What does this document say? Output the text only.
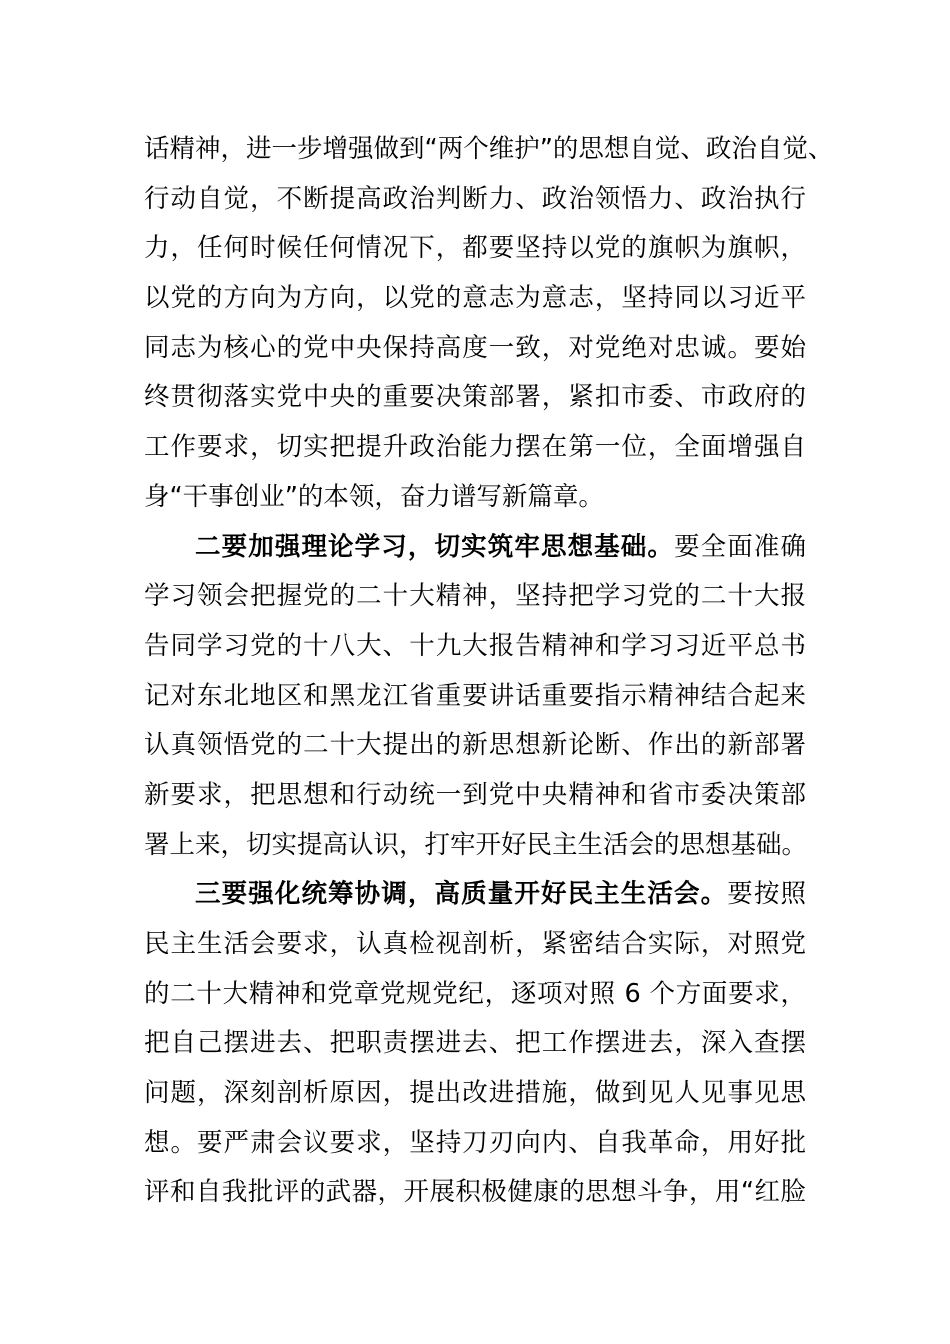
话精神，进一步增强做到“两个维护”的思想自觉、政治自觉、
行动自觉，不断提高政治判断力、政治领悟力、政治执行
力，任何时候任何情况下，都要坚持以党的旗帜为旗帜，
以党的方向为方向，以党的意志为意志，坚持同以习近平
同志为核心的党中央保持高度一致，对党绝对忠诚。要始
终贯彻落实党中央的重要决策部署，紧扣市委、市政府的
工作要求，切实把提升政治能力摆在第一位，全面增强自
身“干事创业”的本领，奋力谱写新篇章。
二要加强理论学习，切实筑牢思想基础。要全面准确
学习领会把握党的二十大精神，坚持把学习党的二十大报
告同学习党的十八大、十九大报告精神和学习习近平总书
记对东北地区和黑龙江省重要讲话重要指示精神结合起来
认真领悟党的二十大提出的新思想新论断、作出的新部署
新要求，把思想和行动统一到党中央精神和省市委决策部
署上来，切实提高认识，打牢开好民主生活会的思想基础。
三要强化统筹协调，高质量开好民主生活会。要按照
民主生活会要求，认真检视剖析，紧密结合实际，对照党
的二十大精神和党章党规党纪，逐项对照 6 个方面要求，
把自己摆进去、把职责摆进去、把工作摆进去，深入查摆
问题，深刻剖析原因，提出改进措施，做到见人见事见思
想。要严肃会议要求，坚持刀刃向内、自我革命，用好批
评和自我批评的武器，开展积极健康的思想斗争，用“红脸
